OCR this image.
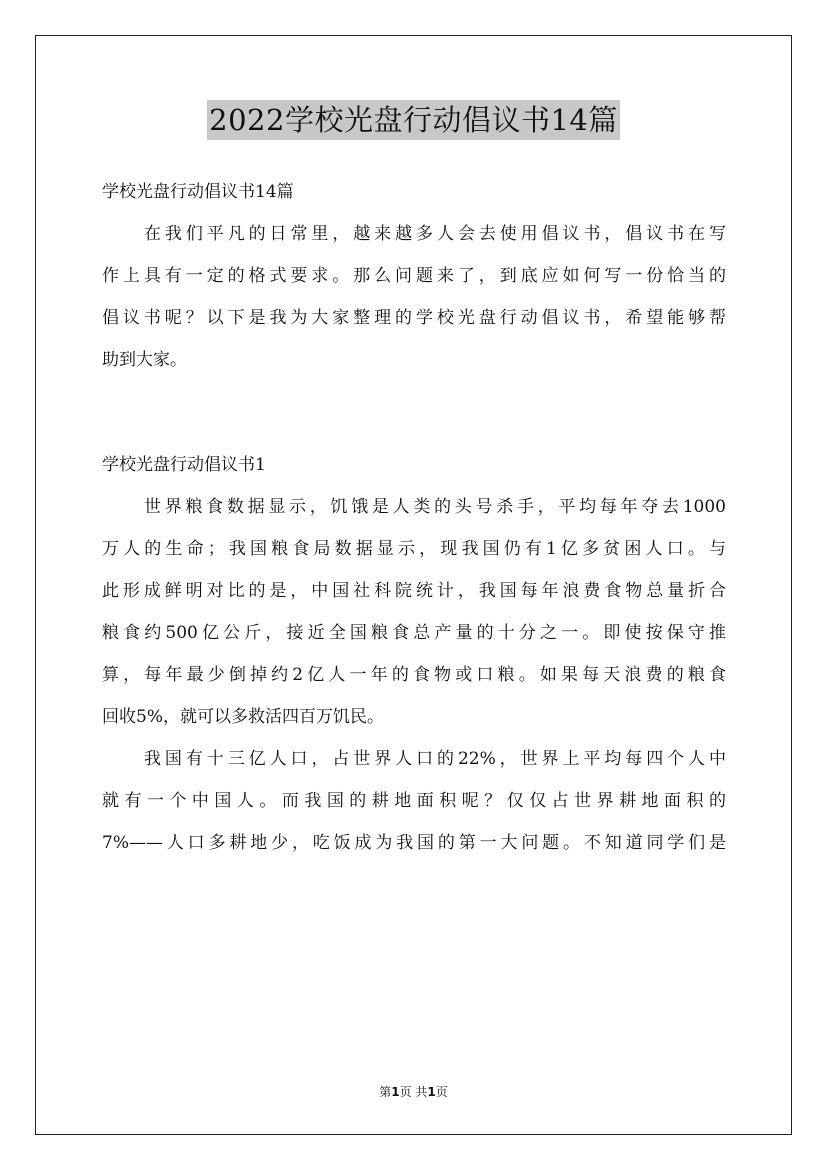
2022学校光盘行动倡议书14篇
学校光盘行动倡议书14篇
在我们平凡的日常里，越来越多人会去使用倡议书，倡议书在写
作上具有一定的格式要求。那么问题来了，到底应如何写一份恰当的
倡议书呢？以下是我为大家整理的学校光盘行动倡议书，希望能够帮
助到大家。
学校光盘行动倡议书1
世界粮食数据显示，饥饿是人类的头号杀手，平均每年夺去1000
万人的生命；我国粮食局数据显示，现我国仍有1亿多贫困人口。与
此形成鲜明对比的是，中国社科院统计，我国每年浪费食物总量折合
粮食约500亿公斤，接近全国粮食总产量的十分之一。即使按保守推
算，每年最少倒掉约2亿人一年的食物或口粮。如果每天浪费的粮食
回收5%，就可以多救活四百万饥民。
我国有十三亿人口，占世界人口的22%，世界上平均每四个人中
就有一个中国人。而我国的耕地面积呢？仅仅占世界耕地面积的
7%——人口多耕地少，吃饭成为我国的第一大问题。不知道同学们是
第1页 共1页
